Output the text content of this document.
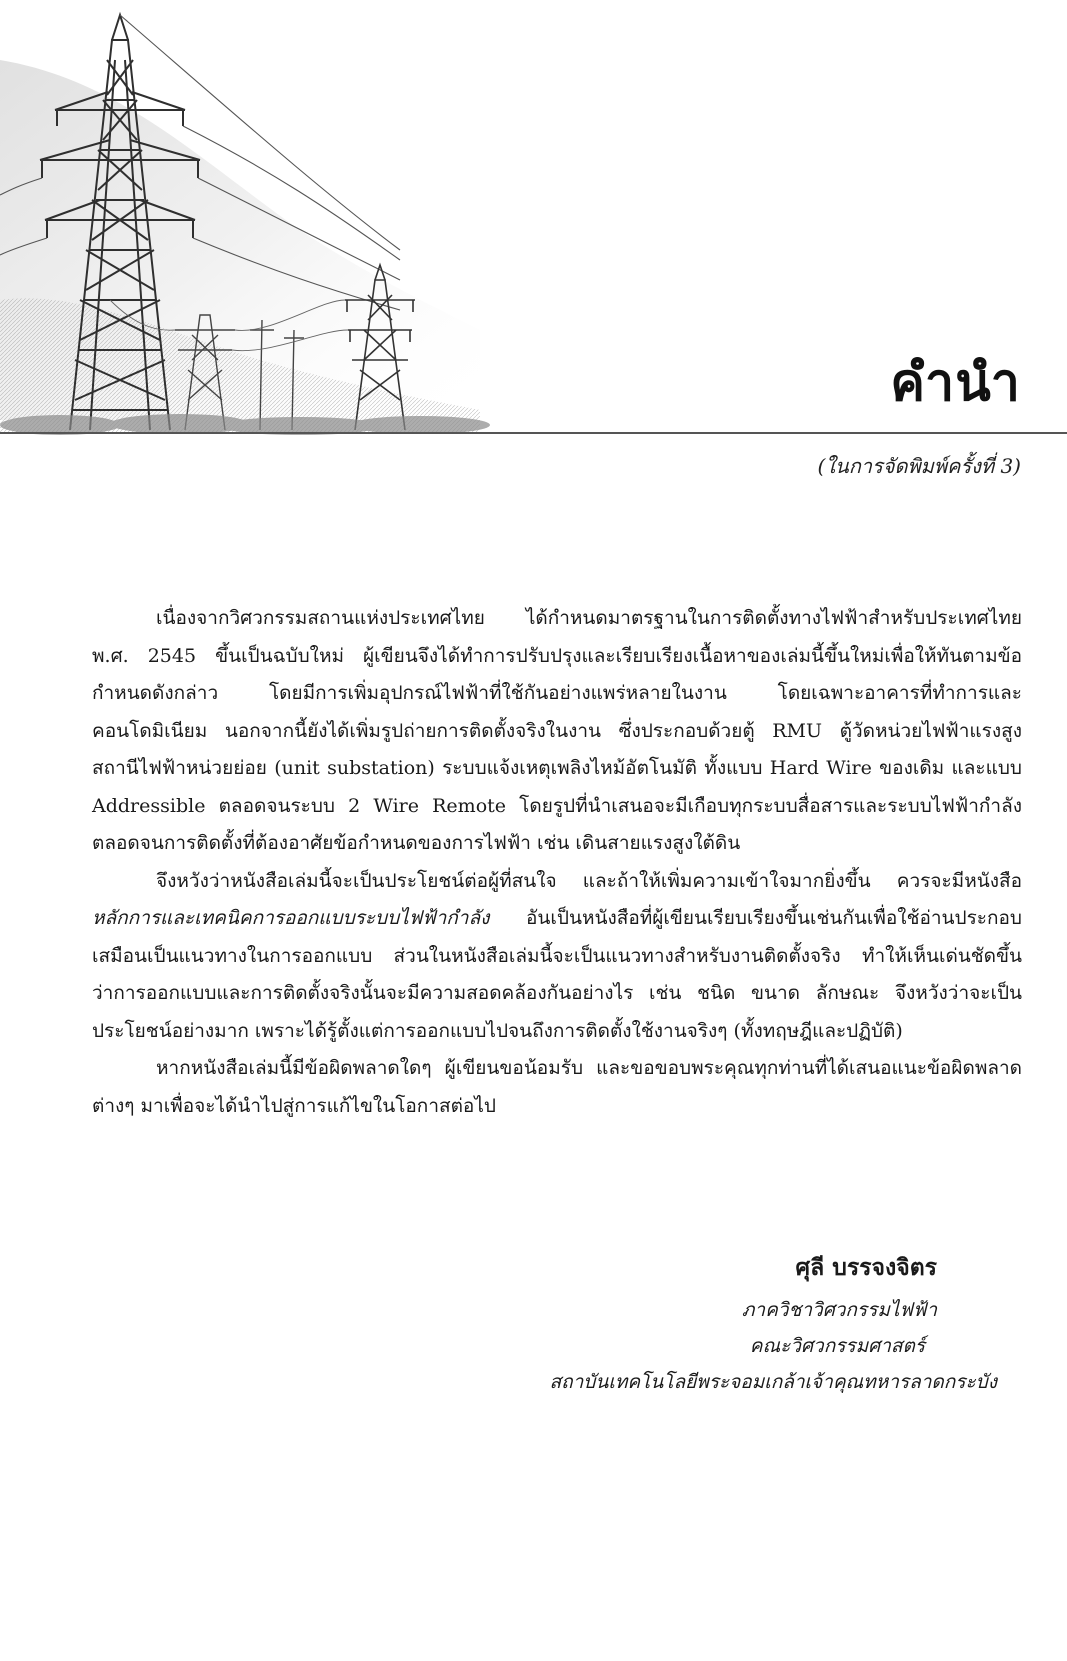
คำนำ
(ในการจัดพิมพ์ครั้งที่ 3)

เนื่องจากวิศวกรรมสถานแห่งประเทศไทย ได้กำหนดมาตรฐานในการติดตั้งทางไฟฟ้าสำหรับประเทศไทย พ.ศ. 2545 ขึ้นเป็นฉบับใหม่ ผู้เขียนจึงได้ทำการปรับปรุงและเรียบเรียงเนื้อหาของเล่มนี้ขึ้นใหม่เพื่อให้ทันตามข้อกำหนดดังกล่าว โดยมีการเพิ่มอุปกรณ์ไฟฟ้าที่ใช้กันอย่างแพร่หลายในงาน โดยเฉพาะอาคารที่ทำการและคอนโดมิเนียม นอกจากนี้ยังได้เพิ่มรูปถ่ายการติดตั้งจริงในงาน ซึ่งประกอบด้วยตู้ RMU ตู้วัดหน่วยไฟฟ้าแรงสูง สถานีไฟฟ้าหน่วยย่อย (unit substation) ระบบแจ้งเหตุเพลิงไหม้อัตโนมัติ ทั้งแบบ Hard Wire ของเดิม และแบบ Addressible ตลอดจนระบบ 2 Wire Remote โดยรูปที่นำเสนอจะมีเกือบทุกระบบสื่อสารและระบบไฟฟ้ากำลัง ตลอดจนการติดตั้งที่ต้องอาศัยข้อกำหนดของการไฟฟ้า เช่น เดินสายแรงสูงใต้ดิน

จึงหวังว่าหนังสือเล่มนี้จะเป็นประโยชน์ต่อผู้ที่สนใจ และถ้าให้เพิ่มความเข้าใจมากยิ่งขึ้น ควรจะมีหนังสือ หลักการและเทคนิคการออกแบบระบบไฟฟ้ากำลัง อันเป็นหนังสือที่ผู้เขียนเรียบเรียงขึ้นเช่นกันเพื่อใช้อ่านประกอบเสมือนเป็นแนวทางในการออกแบบ ส่วนในหนังสือเล่มนี้จะเป็นแนวทางสำหรับงานติดตั้งจริง ทำให้เห็นเด่นชัดขึ้นว่าการออกแบบและการติดตั้งจริงนั้นจะมีความสอดคล้องกันอย่างไร เช่น ชนิด ขนาด ลักษณะ จึงหวังว่าจะเป็นประโยชน์อย่างมาก เพราะได้รู้ตั้งแต่การออกแบบไปจนถึงการติดตั้งใช้งานจริงๆ (ทั้งทฤษฎีและปฏิบัติ)

หากหนังสือเล่มนี้มีข้อผิดพลาดใดๆ ผู้เขียนขอน้อมรับ และขอขอบพระคุณทุกท่านที่ได้เสนอแนะข้อผิดพลาดต่างๆ มาเพื่อจะได้นำไปสู่การแก้ไขในโอกาสต่อไป

ศุลี บรรจงจิตร
ภาควิชาวิศวกรรมไฟฟ้า
คณะวิศวกรรมศาสตร์
สถาบันเทคโนโลยีพระจอมเกล้าเจ้าคุณทหารลาดกระบัง
